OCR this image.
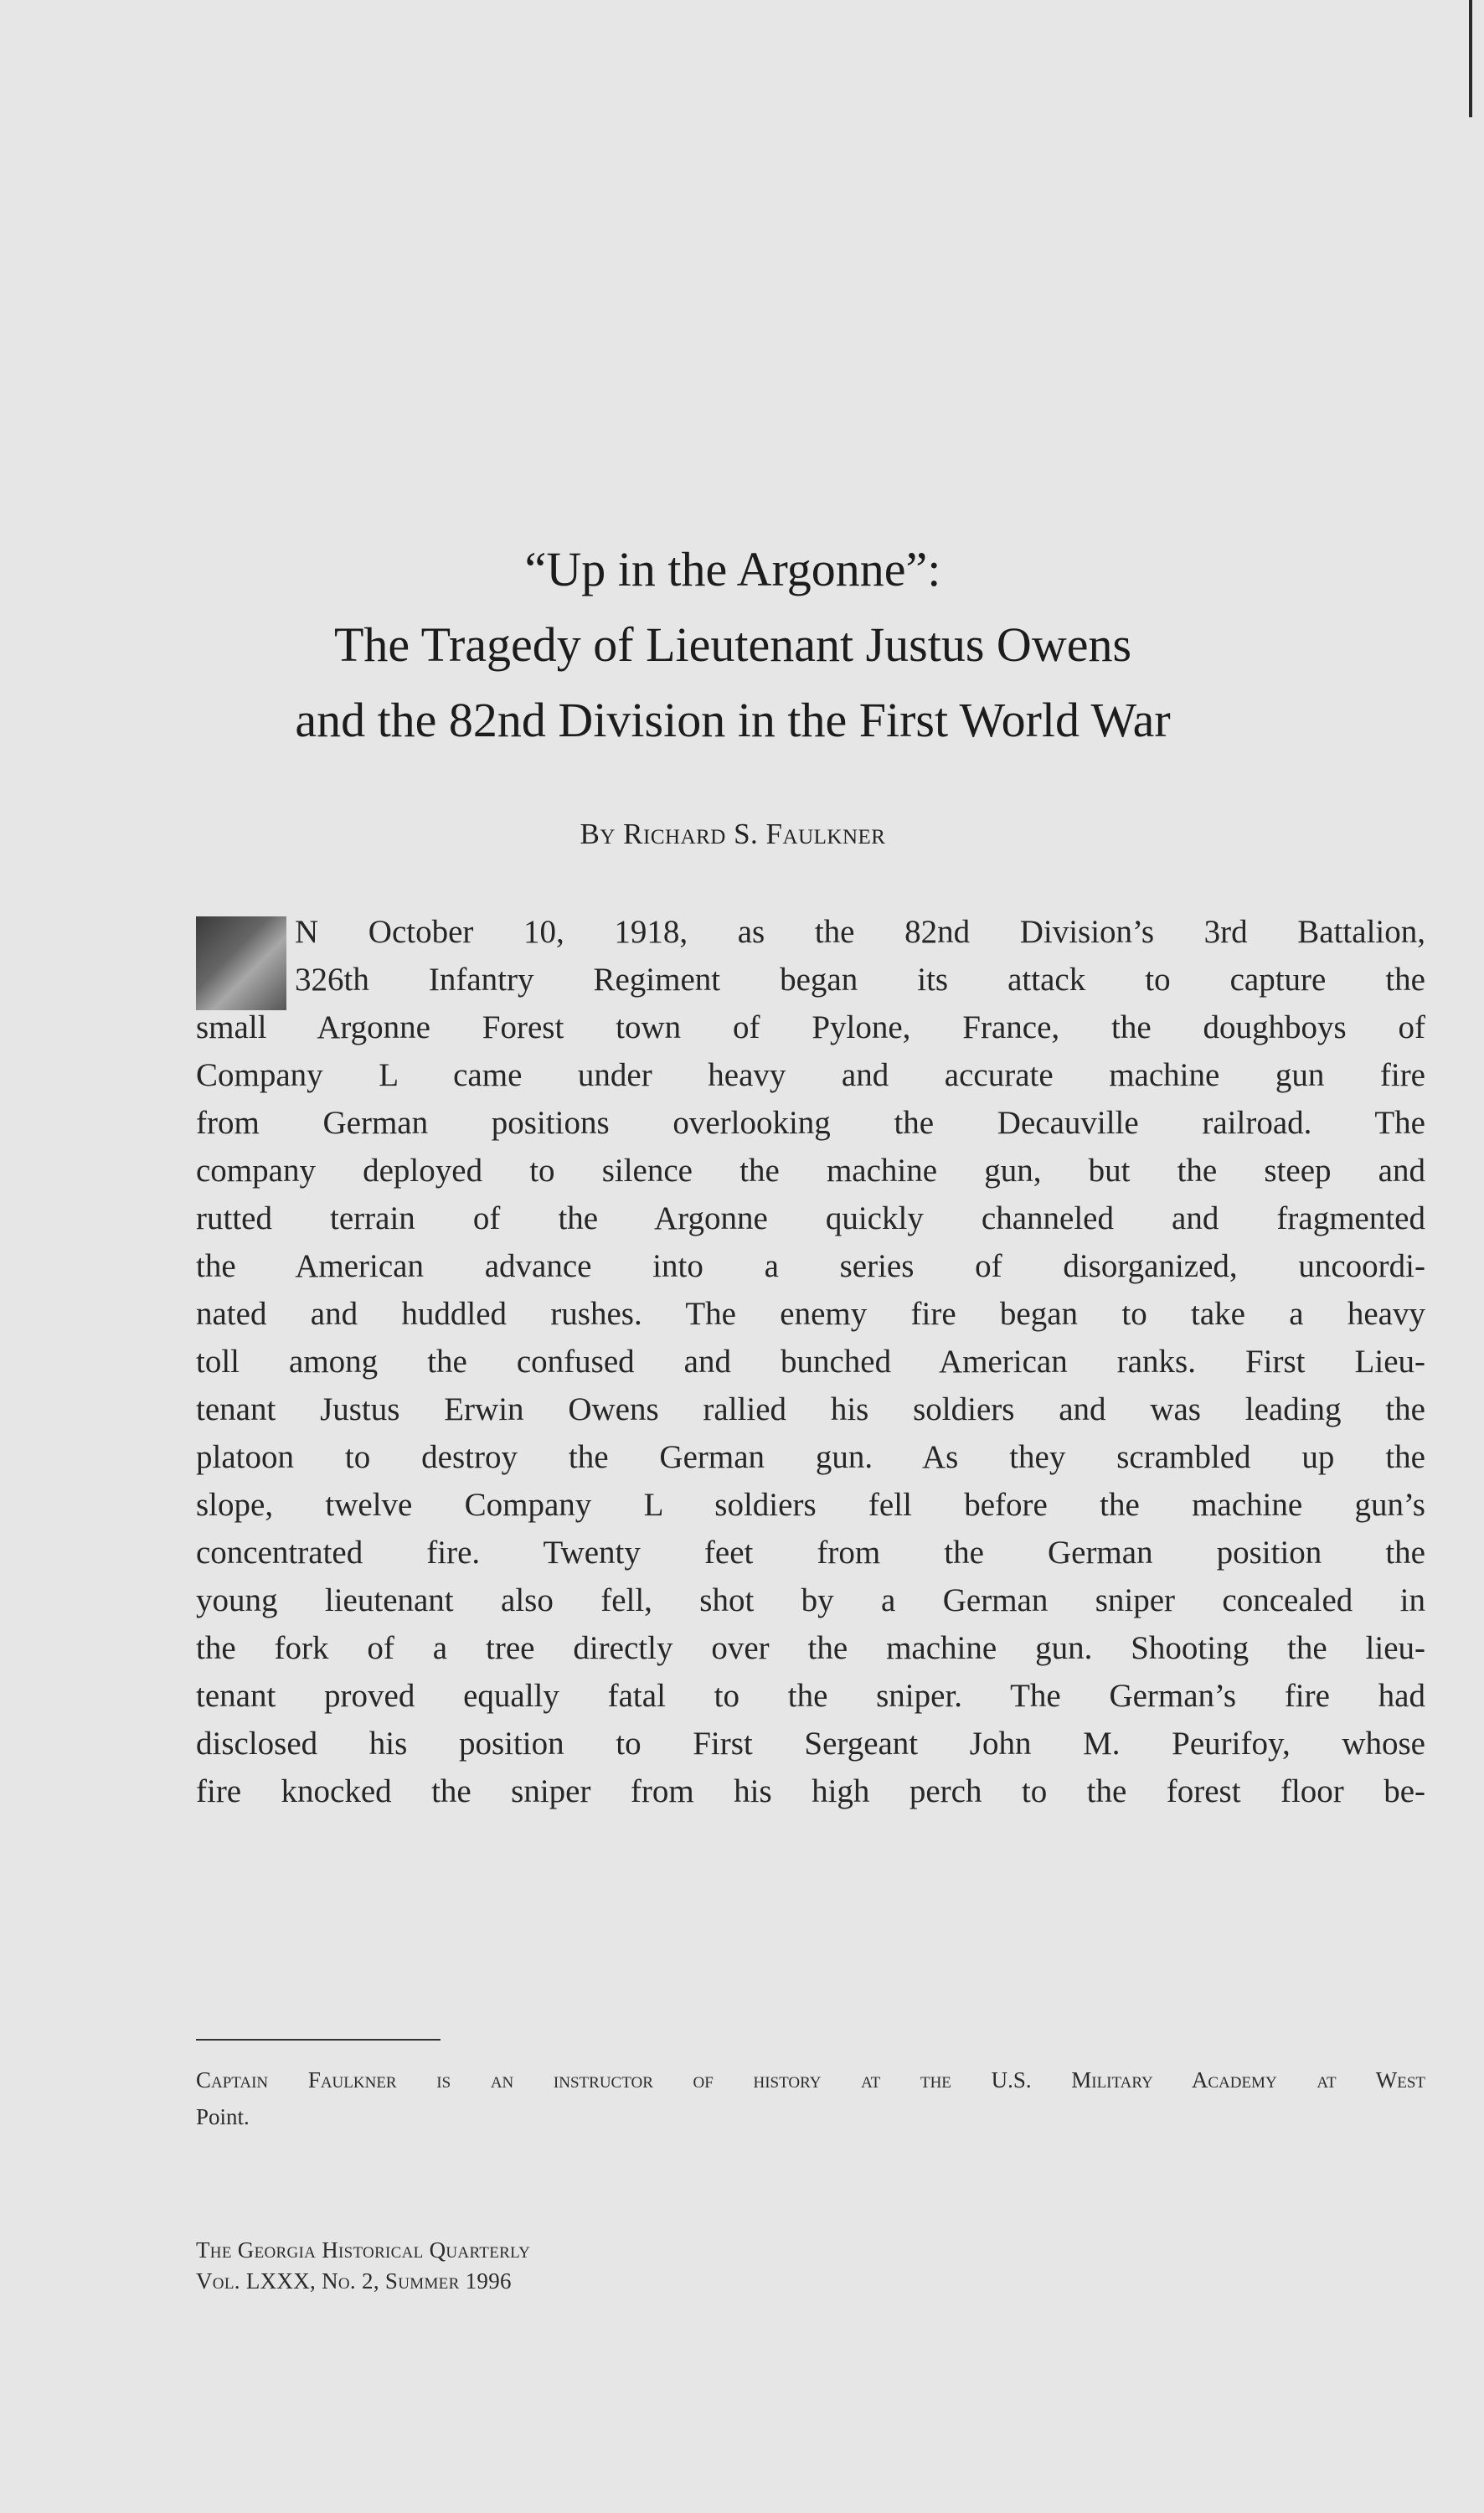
“Up in the Argonne”:
The Tragedy of Lieutenant Justus Owens
and the 82nd Division in the First World War
By Richard S. Faulkner
N October 10, 1918, as the 82nd Division’s 3rd Battalion,
326th Infantry Regiment began its attack to capture the
small Argonne Forest town of Pylone, France, the doughboys of
Company L came under heavy and accurate machine gun fire
from German positions overlooking the Decauville railroad. The
company deployed to silence the machine gun, but the steep and
rutted terrain of the Argonne quickly channeled and fragmented
the American advance into a series of disorganized, uncoordi-
nated and huddled rushes. The enemy fire began to take a heavy
toll among the confused and bunched American ranks. First Lieu-
tenant Justus Erwin Owens rallied his soldiers and was leading the
platoon to destroy the German gun. As they scrambled up the
slope, twelve Company L soldiers fell before the machine gun’s
concentrated fire. Twenty feet from the German position the
young lieutenant also fell, shot by a German sniper concealed in
the fork of a tree directly over the machine gun. Shooting the lieu-
tenant proved equally fatal to the sniper. The German’s fire had
disclosed his position to First Sergeant John M. Peurifoy, whose
fire knocked the sniper from his high perch to the forest floor be-
Captain Faulkner is an instructor of history at the U.S. Military Academy at West
Point.
The Georgia Historical Quarterly
Vol. LXXX, No. 2, Summer 1996
